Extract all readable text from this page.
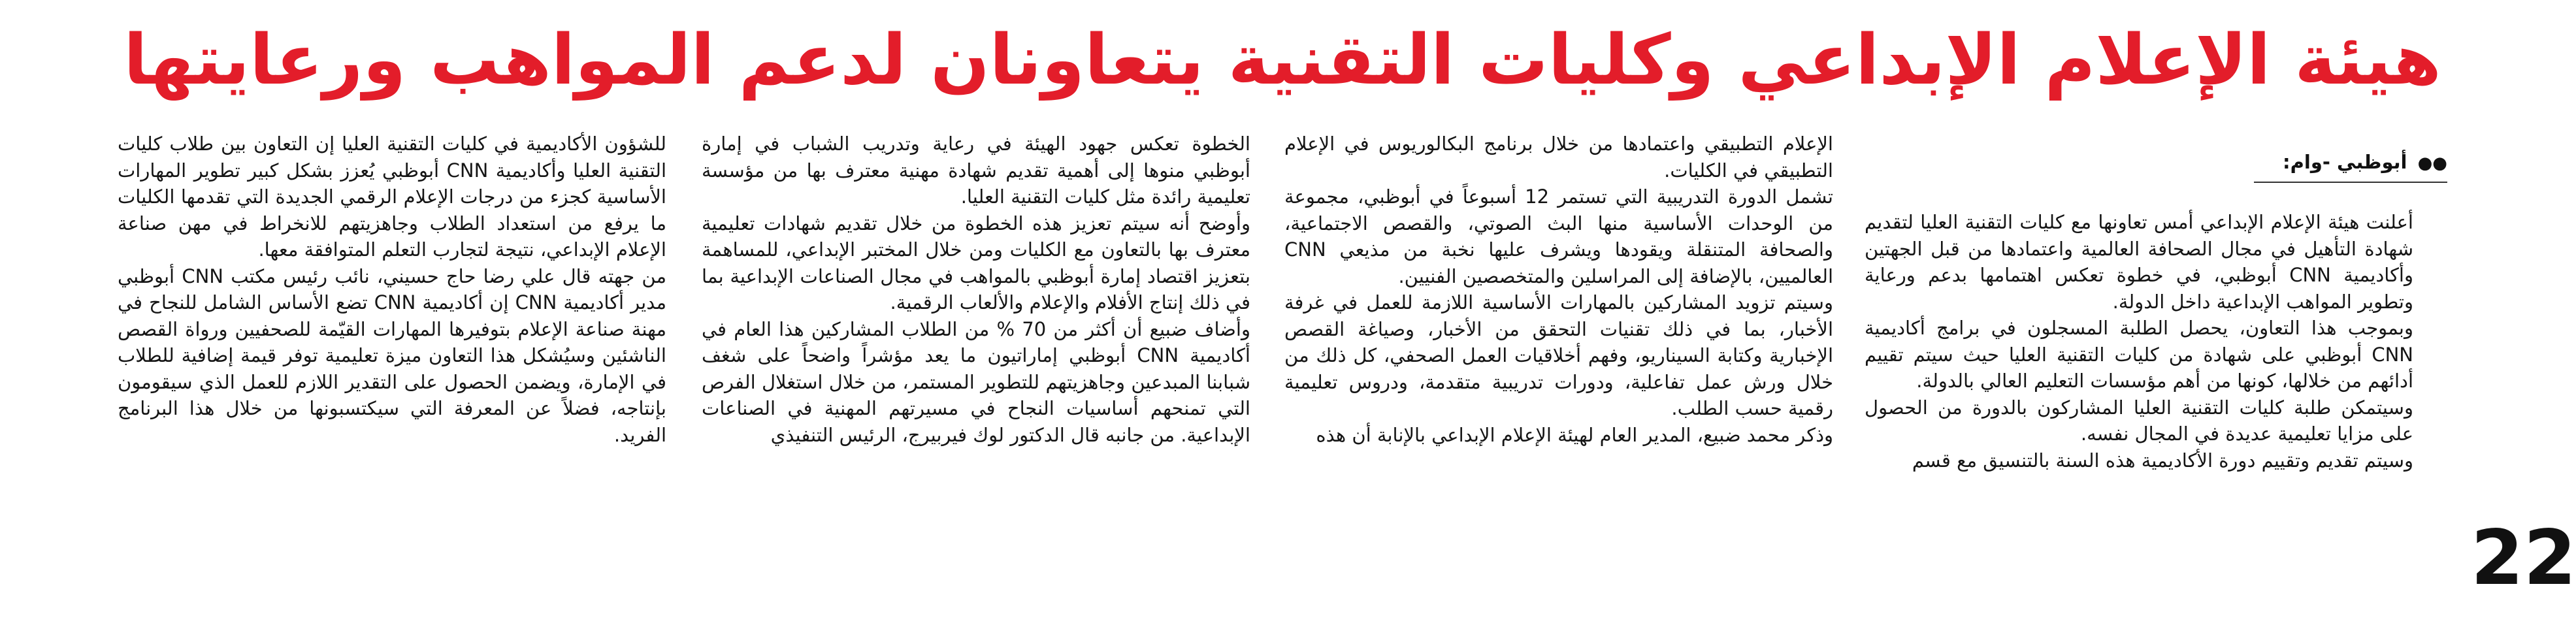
هيئة الإعلام الإبداعي وكليات التقنية يتعاونان لدعم المواهب ورعايتها
●● أبوظبي -وام:

أعلنت هيئة الإعلام الإبداعي أمس تعاونها مع كليات التقنية العليا لتقديم شهادة التأهيل في مجال الصحافة العالمية واعتمادها من قبل الجهتين وأكاديمية CNN أبوظبي، في خطوة تعكس اهتمامها بدعم ورعاية وتطوير المواهب الإبداعية داخل الدولة.

وبموجب هذا التعاون، يحصل الطلبة المسجلون في برامج أكاديمية CNN أبوظبي على شهادة من كليات التقنية العليا حيث سيتم تقييم أدائهم من خلالها، كونها من أهم مؤسسات التعليم العالي بالدولة.

وسيتمكن طلبة كليات التقنية العليا المشاركون بالدورة من الحصول على مزايا تعليمية عديدة في المجال نفسه.

وسيتم تقديم وتقييم دورة الأكاديمية هذه السنة بالتنسيق مع قسم

الإعلام التطبيقي واعتمادها من خلال برنامج البكالوريوس في الإعلام التطبيقي في الكليات.

تشمل الدورة التدريبية التي تستمر 12 أسبوعاً في أبوظبي، مجموعة من الوحدات الأساسية منها البث الصوتي، والقصص الاجتماعية، والصحافة المتنقلة ويقودها ويشرف عليها نخبة من مذيعي CNN العالميين، بالإضافة إلى المراسلين والمتخصصين الفنيين.

وسيتم تزويد المشاركين بالمهارات الأساسية اللازمة للعمل في غرفة الأخبار، بما في ذلك تقنيات التحقق من الأخبار، وصياغة القصص الإخبارية وكتابة السيناريو، وفهم أخلاقيات العمل الصحفي، كل ذلك من خلال ورش عمل تفاعلية، ودورات تدريبية متقدمة، ودروس تعليمية رقمية حسب الطلب.

وذكر محمد ضبيع، المدير العام لهيئة الإعلام الإبداعي بالإنابة أن هذه

الخطوة تعكس جهود الهيئة في رعاية وتدريب الشباب في إمارة أبوظبي منوها إلى أهمية تقديم شهادة مهنية معترف بها من مؤسسة تعليمية رائدة مثل كليات التقنية العليا.

وأوضح أنه سيتم تعزيز هذه الخطوة من خلال تقديم شهادات تعليمية معترف بها بالتعاون مع الكليات ومن خلال المختبر الإبداعي، للمساهمة بتعزيز اقتصاد إمارة أبوظبي بالمواهب في مجال الصناعات الإبداعية بما في ذلك إنتاج الأفلام والإعلام والألعاب الرقمية.

وأضاف ضبيع أن أكثر من 70 % من الطلاب المشاركين هذا العام في أكاديمية CNN أبوظبي إماراتيون ما يعد مؤشراً واضحاً على شغف شبابنا المبدعين وجاهزيتهم للتطوير المستمر، من خلال استغلال الفرص التي تمنحهم أساسيات النجاح في مسيرتهم المهنية في الصناعات الإبداعية. من جانبه قال الدكتور لوك فيربيرج، الرئيس التنفيذي

للشؤون الأكاديمية في كليات التقنية العليا إن التعاون بين طلاب كليات التقنية العليا وأكاديمية CNN أبوظبي يُعزز بشكل كبير تطوير المهارات الأساسية كجزء من درجات الإعلام الرقمي الجديدة التي تقدمها الكليات ما يرفع من استعداد الطلاب وجاهزيتهم للانخراط في مهن صناعة الإعلام الإبداعي، نتيجة لتجارب التعلم المتوافقة معها.

من جهته قال علي رضا حاج حسيني، نائب رئيس مكتب CNN أبوظبي مدير أكاديمية CNN إن أكاديمية CNN تضع الأساس الشامل للنجاح في مهنة صناعة الإعلام بتوفيرها المهارات القيّمة للصحفيين ورواة القصص الناشئين وسيُشكل هذا التعاون ميزة تعليمية توفر قيمة إضافية للطلاب في الإمارة، ويضمن الحصول على التقدير اللازم للعمل الذي سيقومون بإنتاجه، فضلاً عن المعرفة التي سيكتسبونها من خلال هذا البرنامج الفريد.

22
